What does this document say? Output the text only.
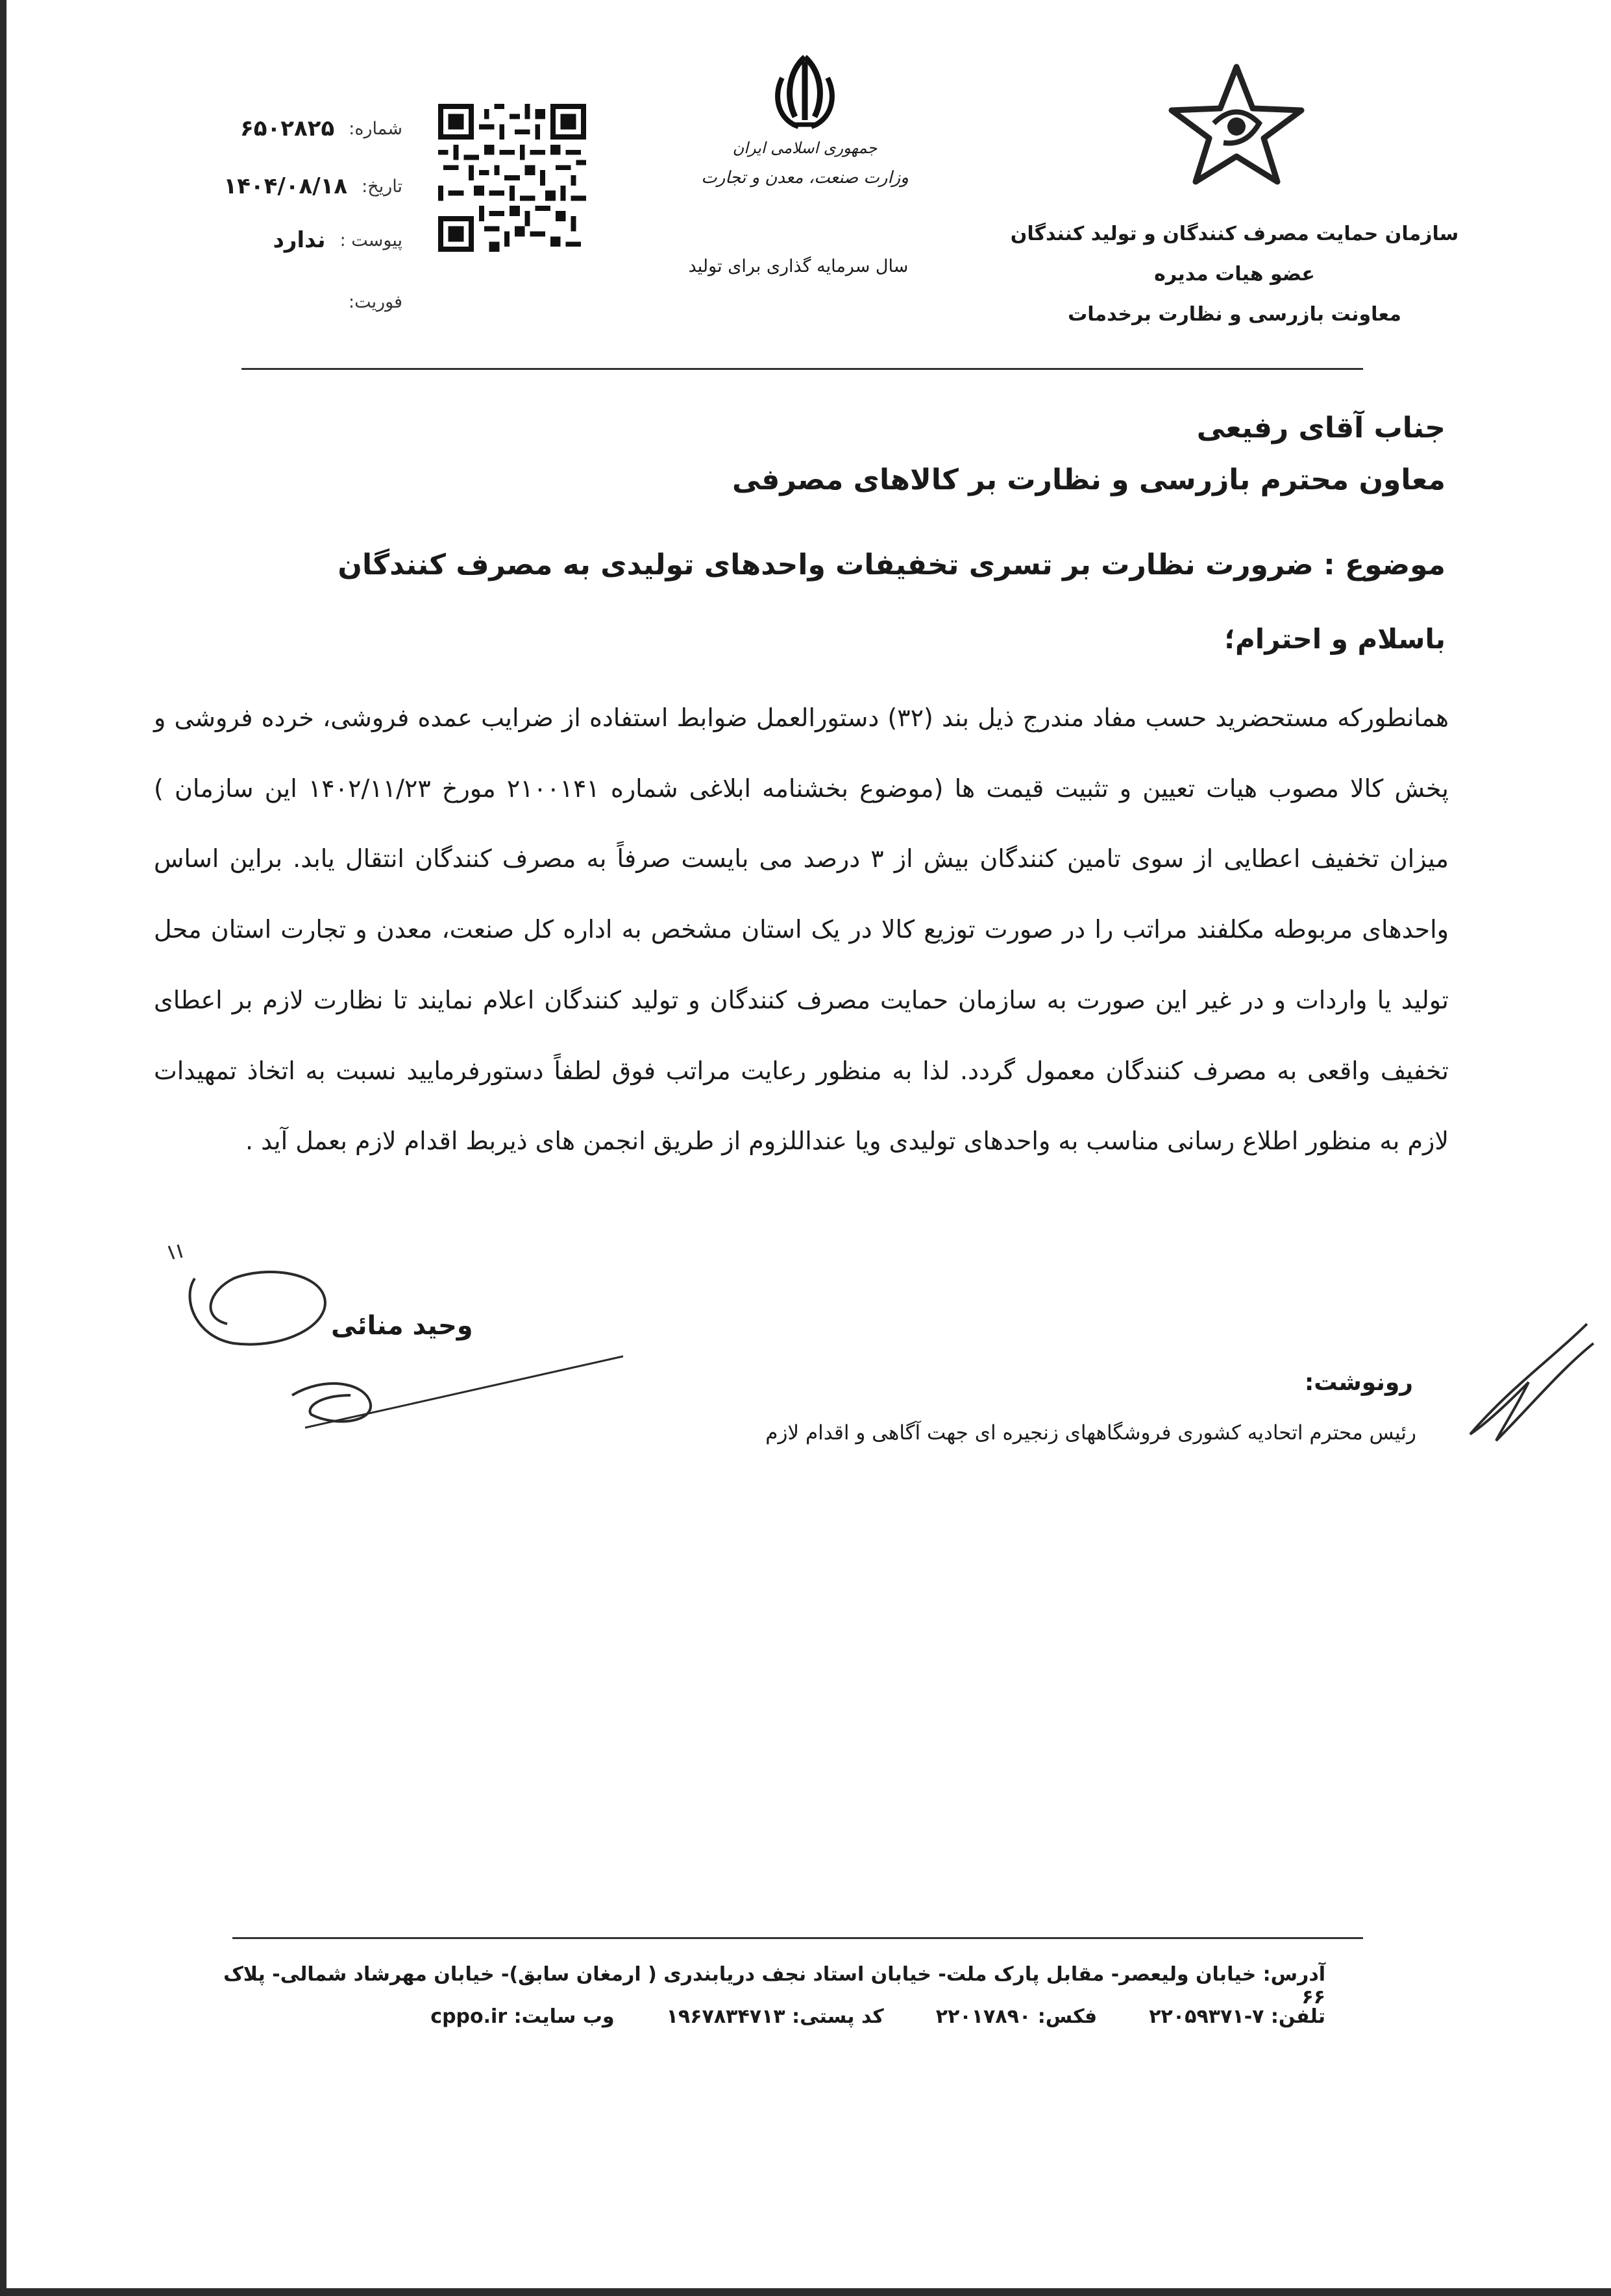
سازمان حمایت مصرف کنندگان و تولید کنندگان
عضو هیات مدیره
معاونت بازرسی و نظارت برخدمات
جمهوری اسلامی ایران
وزارت صنعت، معدن و تجارت
سال سرمایه گذاری برای تولید
شماره:
۶۵۰۲۸۲۵
تاریخ:
۱۴۰۴/۰۸/۱۸
پیوست :
ندارد
فوریت:
جناب آقای رفیعی
معاون محترم بازرسی و نظارت بر کالاهای مصرفی
موضوع : ضرورت نظارت بر تسری تخفیفات واحدهای تولیدی به مصرف کنندگان
باسلام و احترام؛
همانطورکه مستحضرید حسب مفاد مندرج ذیل بند (۳۲) دستورالعمل ضوابط استفاده از ضرایب عمده فروشی، خرده فروشی و پخش کالا مصوب هیات تعیین و تثبیت قیمت ها (موضوع بخشنامه ابلاغی شماره ۲۱۰۰۱۴۱ مورخ ۱۴۰۲/۱۱/۲۳ این سازمان ) میزان تخفیف اعطایی از سوی تامین کنندگان بیش از ۳ درصد می بایست صرفاً به مصرف کنندگان انتقال یابد. براین اساس واحدهای مربوطه مکلفند مراتب را در صورت توزیع کالا در یک استان مشخص به اداره کل صنعت، معدن و تجارت استان محل تولید یا واردات و در غیر این صورت به سازمان حمایت مصرف کنندگان و تولید کنندگان اعلام نمایند تا نظارت لازم بر اعطای تخفیف واقعی به مصرف کنندگان معمول گردد. لذا به منظور رعایت مراتب فوق لطفاً دستورفرمایید نسبت به اتخاذ تمهیدات لازم به منظور اطلاع رسانی مناسب به واحدهای تولیدی ویا عنداللزوم از طریق انجمن های ذیربط اقدام لازم بعمل آید .
وحید منائی
رونوشت:
رئیس محترم اتحادیه کشوری فروشگاههای زنجیره ای جهت آگاهی و اقدام لازم
آدرس: خیابان ولیعصر- مقابل پارک ملت- خیابان استاد نجف دریابندری ( ارمغان سابق)- خیابان مهرشاد شمالی- پلاک ۶۶
تلفن: ۷-۲۲۰۵۹۳۷۱
فکس: ۲۲۰۱۷۸۹۰
کد پستی: ۱۹۶۷۸۳۴۷۱۳
وب سایت: cppo.ir
